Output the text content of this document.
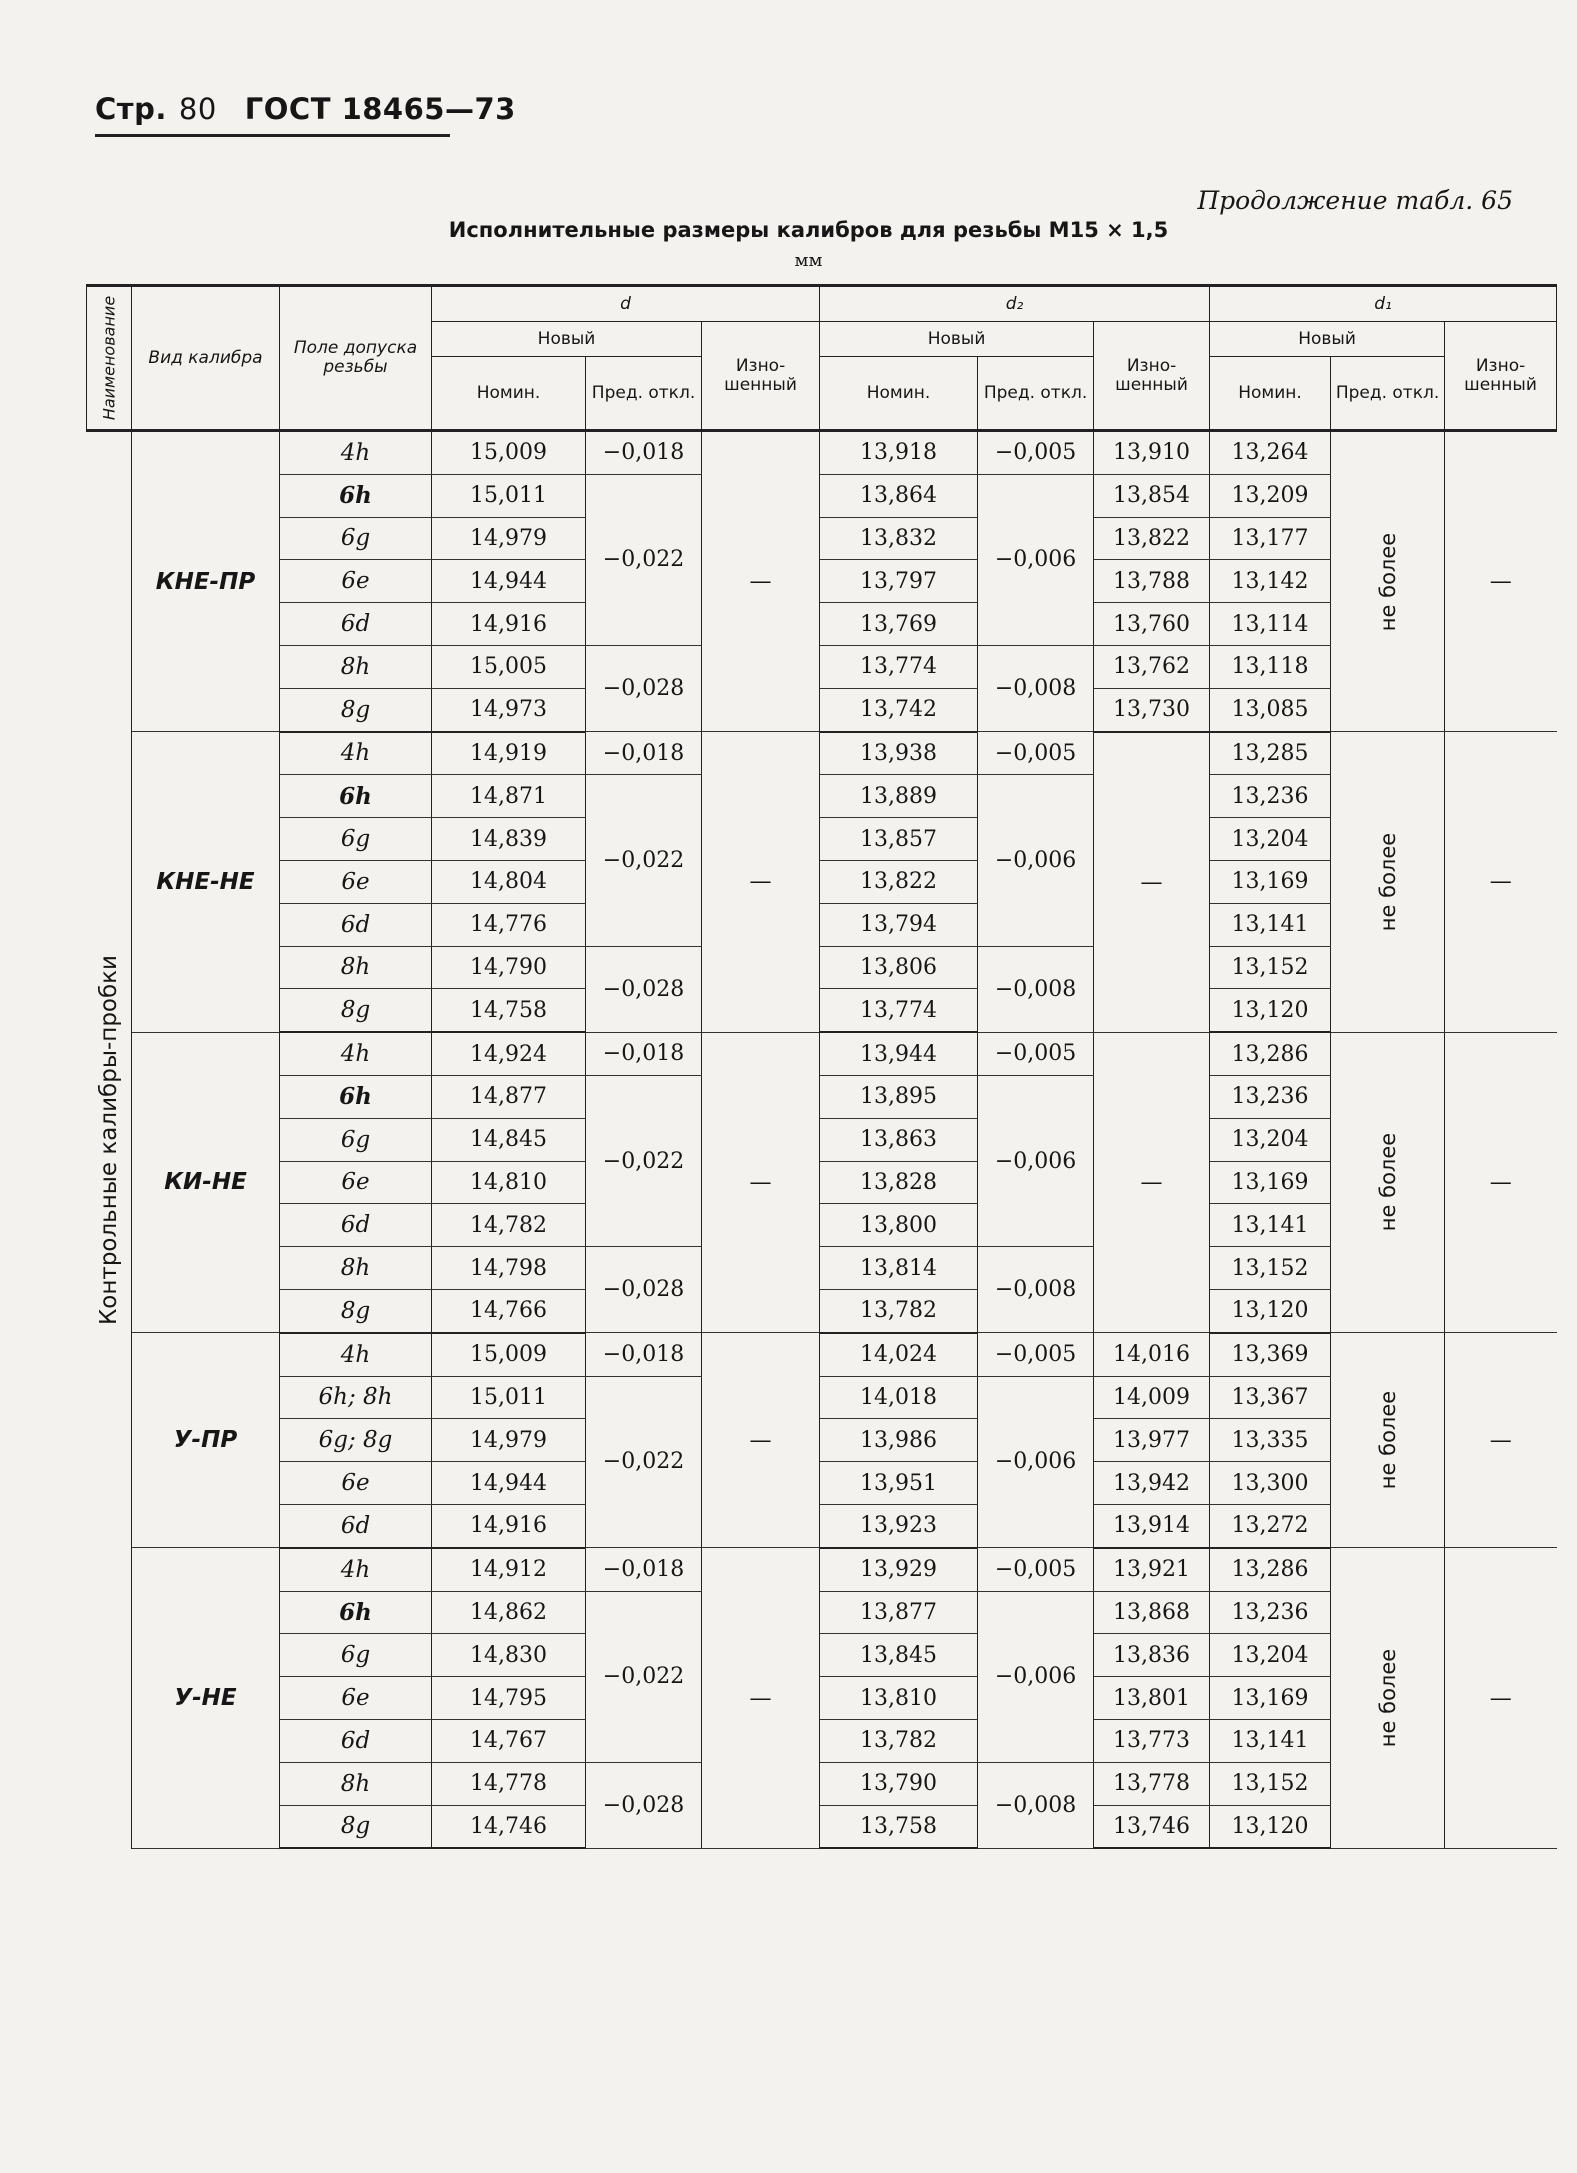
Стр. 80 ГОСТ 18465—73
Продолжение табл. 65
Исполнительные размеры калибров для резьбы М15 × 1,5
мм
Наименование	Вид калибра	Поле допуска резьбы	d			d₂			d₁		
			Новый		Изно-шенный	Новый		Изно-шенный	Новый		Изно-шенный
			Номин.	Пред. откл.		Номин.	Пред. откл.		Номин.	Пред. откл.	

Контрольные калибры-пробки	КНЕ-ПР	4h	15,009	−0,018	—	13,918	−0,005	13,910	13,264	не более	—
		6h	15,011	−0,022		13,864	−0,006	13,854	13,209		
		6g	14,979			13,832		13,822	13,177		
		6e	14,944			13,797		13,788	13,142		
		6d	14,916			13,769		13,760	13,114		
		8h	15,005	−0,028		13,774	−0,008	13,762	13,118		
		8g	14,973			13,742		13,730	13,085		
	КНЕ-НЕ	4h	14,919	−0,018	—	13,938	−0,005	—	13,285	не более	—
		6h	14,871	−0,022		13,889	−0,006		13,236		
		6g	14,839			13,857			13,204		
		6e	14,804			13,822			13,169		
		6d	14,776			13,794			13,141		
		8h	14,790	−0,028		13,806	−0,008		13,152		
		8g	14,758			13,774			13,120		
	КИ-НЕ	4h	14,924	−0,018	—	13,944	−0,005	—	13,286	не более	—
		6h	14,877	−0,022		13,895	−0,006		13,236		
		6g	14,845			13,863			13,204		
		6e	14,810			13,828			13,169		
		6d	14,782			13,800			13,141		
		8h	14,798	−0,028		13,814	−0,008		13,152		
		8g	14,766			13,782			13,120		
	У-ПР	4h	15,009	−0,018	—	14,024	−0,005	14,016	13,369	не более	—
		6h; 8h	15,011	−0,022		14,018	−0,006	14,009	13,367		
		6g; 8g	14,979			13,986		13,977	13,335		
		6e	14,944			13,951		13,942	13,300		
		6d	14,916			13,923		13,914	13,272		
	У-НЕ	4h	14,912	−0,018	—	13,929	−0,005	13,921	13,286	не более	—
		6h	14,862	−0,022		13,877	−0,006	13,868	13,236		
		6g	14,830			13,845		13,836	13,204		
		6e	14,795			13,810		13,801	13,169		
		6d	14,767			13,782		13,773	13,141		
		8h	14,778	−0,028		13,790	−0,008	13,778	13,152		
		8g	14,746			13,758		13,746	13,120		
